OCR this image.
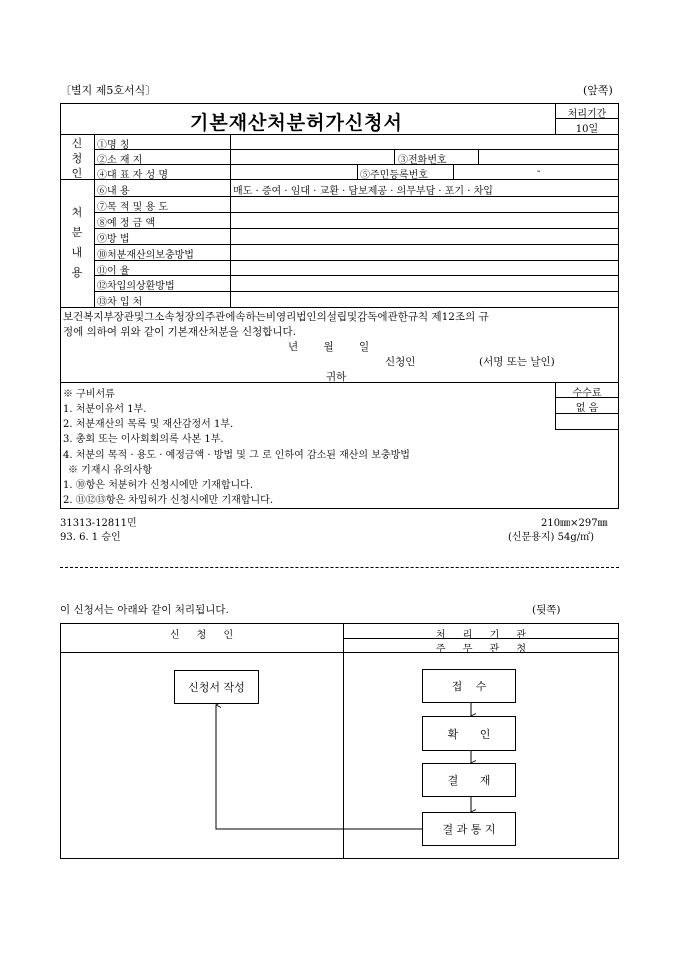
〔별지 제5호서식〕	(앞쪽)
기본재산처분허가신청서	처리기간
10일
신
청
인
①명 칭
②소 재 지	③전화번호
④대 표 자 성 명	⑤주민등록번호	-
처
분
내
용
⑥내 용	매도 · 증여 · 임대 · 교환 · 담보제공 · 의무부담 · 포기 · 차입
⑦목 적 및 용 도
⑧예 정 금 액
⑨방 법
⑩처분재산의보충방법
⑪이 율
⑫차입의상환방법
⑬차 입 처
보건복지부장관및그소속청장의주관에속하는비영리법인의설립및감독에관한규칙 제12조의 규
정에 의하여 위와 같이 기본재산처분을 신청합니다.
년 월 일
신청인	(서명 또는 날인)
귀하
※ 구비서류
1. 처분이유서 1부.
2. 처분재산의 목록 및 재산감정서 1부.
3. 총회 또는 이사회회의록 사본 1부.
4. 처분의 목적 · 용도 · 예정금액 · 방법 및 그 로 인하여 감소된 재산의 보충방법
※ 기재시 유의사항
1. ⑩항은 처분허가 신청시에만 기재합니다.
2. ⑪⑫⑬항은 차입허가 신청시에만 기재합니다.
수수료
없 음
31313-12811민
93. 6. 1 승인
210㎜×297㎜
(신문용지) 54g/㎡)
이 신청서는 아래와 같이 처리됩니다.	(뒷쪽)
신 청 인	처 리 기 관
주 무 관 청
신청서 작성	접 수
확 인
결 재
결 과 통 지
